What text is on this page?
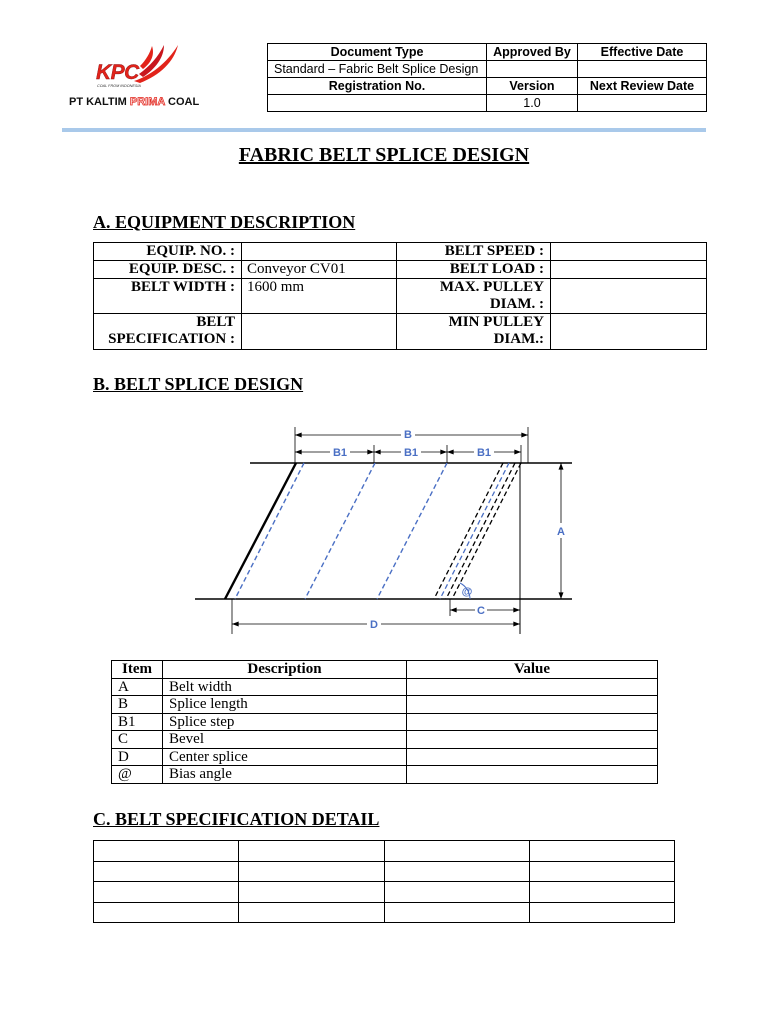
KPC
COAL FROM INDONESIA
PT KALTIM PRIMA COAL
Document Type	Approved By	Effective Date
Standard – Fabric Belt Splice Design		
Registration No.	Version	Next Review Date
	1.0	
FABRIC BELT SPLICE DESIGN
A. EQUIPMENT DESCRIPTION
EQUIP. NO. :		BELT SPEED :	
EQUIP. DESC. :	Conveyor CV01	BELT LOAD :	
BELT WIDTH :	1600 mm	MAX. PULLEY DIAM. :	
BELT SPECIFICATION :		MIN PULLEY DIAM.:	
B. BELT SPLICE DESIGN
B
B1	B1	B1
A
D
C
@
Item	Description	Value
A	Belt width	
B	Splice length	
B1	Splice step	
C	Bevel	
D	Center splice	
@	Bias angle	
C. BELT SPECIFICATION DETAIL
